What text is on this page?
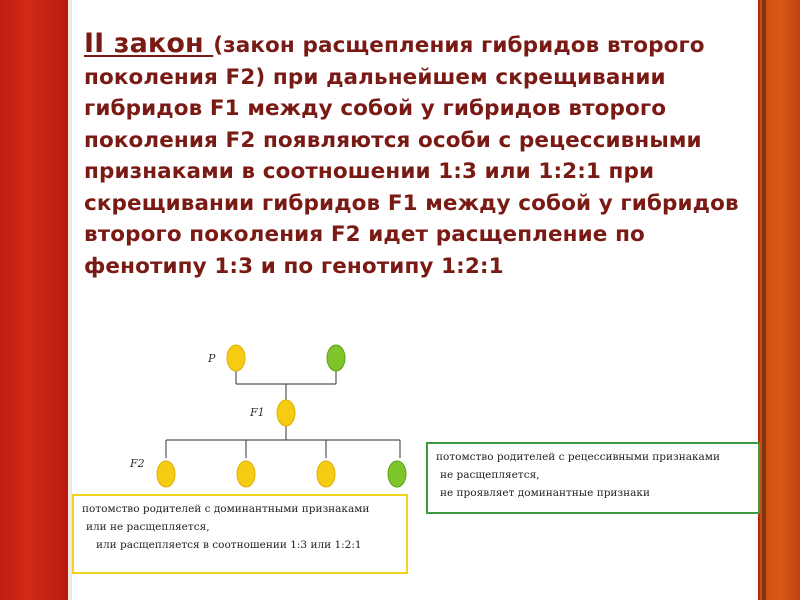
II закон (закон расщепления гибридов второго поколения F2) при дальнейшем скрещивании гибридов F1 между собой у гибридов второго поколения F2 появляются особи с рецессивными признаками в соотношении 1:3 или 1:2:1 при скрещивании гибридов F1 между собой у гибридов второго поколения F2 идет расщепление по фенотипу 1:3 и по генотипу 1:2:1
P
F1
F2
потомство родителей с доминантными признаками
или не расщепляется,
или расщепляется в соотношении 1:3 или 1:2:1
потомство родителей с рецессивными признаками
не расщепляется,
не проявляет доминантные признаки
